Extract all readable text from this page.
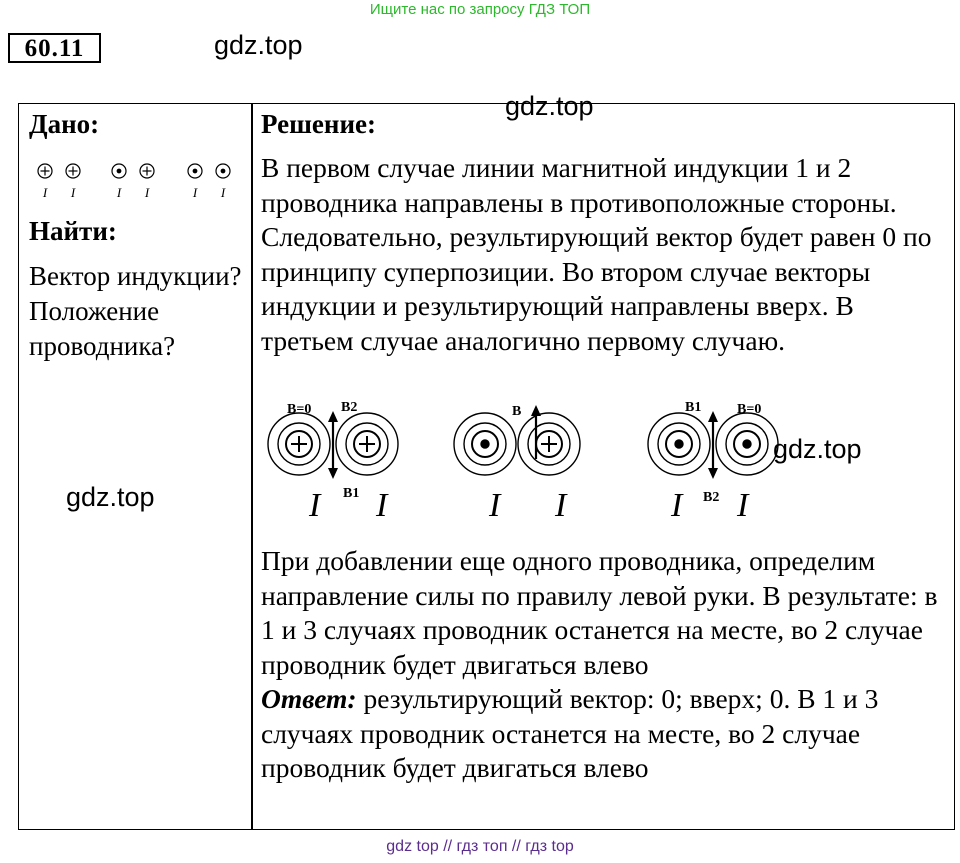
Ищите нас по запросу ГДЗ ТОП
60.11	gdz.top
gdz.top
Дано:
I I	I I	I I
Найти:
Вектор индукции? Положение проводника?
Решение:
В первом случае линии магнитной индукции 1 и 2 проводника направлены в противоположные стороны. Следовательно, результирующий вектор будет равен 0 по принципу суперпозиции. Во втором случае векторы индукции и результирующий направлены вверх. В третьем случае аналогично первому случаю.
B=0 B2
B1
B	B1	B=0
B2
I I	I I	I I
При добавлении еще одного проводника, определим направление силы по правилу левой руки. В результате: в 1 и 3 случаях проводник останется на месте, во 2 случае проводник будет двигаться влево
Ответ: результирующий вектор: 0; вверх; 0. В 1 и 3 случаях проводник останется на месте, во 2 случае проводник будет двигаться влево
gdz.top
gdz.top
gdz top // гдз топ // гдз top
